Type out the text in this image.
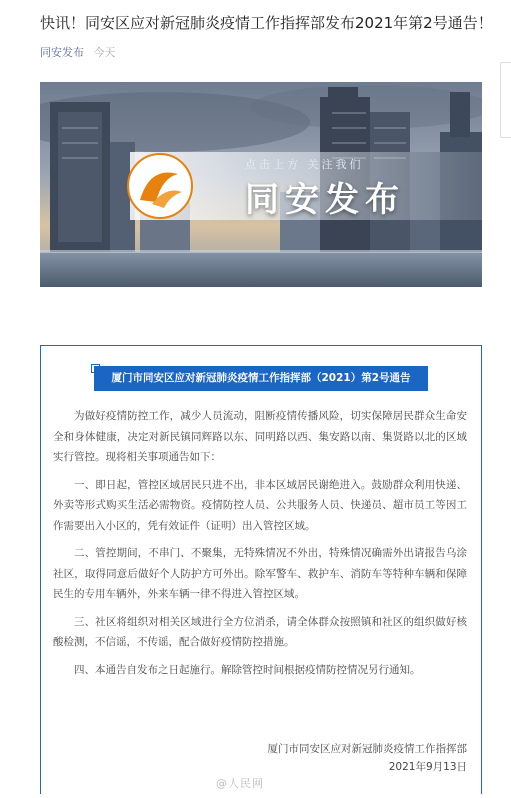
快讯！同安区应对新冠肺炎疫情工作指挥部发布2021年第2号通告！
同安发布 今天
点击上方 关注我们
同安发布
厦门市同安区应对新冠肺炎疫情工作指挥部（2021）第2号通告

为做好疫情防控工作，减少人员流动，阻断疫情传播风险，切实保障居民群众生命安全和身体健康，决定对新民镇同辉路以东、同明路以西、集安路以南、集贤路以北的区域实行管控。现将相关事项通告如下：

一、即日起，管控区域居民只进不出，非本区域居民谢绝进入。鼓励群众利用快递、外卖等形式购买生活必需物资。疫情防控人员、公共服务人员、快递员、超市员工等因工作需要出入小区的，凭有效证件（证明）出入管控区域。

二、管控期间，不串门、不聚集，无特殊情况不外出，特殊情况确需外出请报告乌涂社区，取得同意后做好个人防护方可外出。除军警车、救护车、消防车等特种车辆和保障民生的专用车辆外，外来车辆一律不得进入管控区域。

三、社区将组织对相关区域进行全方位消杀，请全体群众按照镇和社区的组织做好核酸检测，不信谣，不传谣，配合做好疫情防控措施。

四、本通告自发布之日起施行。解除管控时间根据疫情防控情况另行通知。

厦门市同安区应对新冠肺炎疫情工作指挥部
2021年9月13日
@人民网
